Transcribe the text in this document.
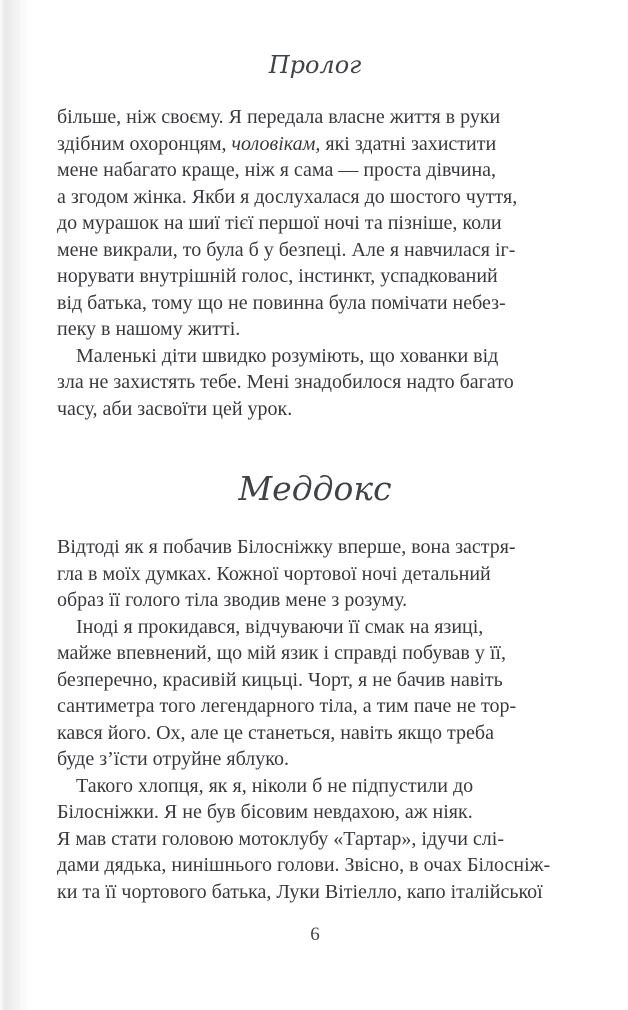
Пролог
більше, ніж своєму. Я передала власне життя в руки
здібним охоронцям, чоловікам, які здатні захистити
мене набагато краще, ніж я сама — проста дівчина,
а згодом жінка. Якби я дослухалася до шостого чуття,
до мурашок на шиї тієї першої ночі та пізніше, коли
мене викрали, то була б у безпеці. Але я навчилася іг-
норувати внутрішній голос, інстинкт, успадкований
від батька, тому що не повинна була помічати небез-
пеку в нашому житті.
Маленькі діти швидко розуміють, що хованки від
зла не захистять тебе. Мені знадобилося надто багато
часу, аби засвоїти цей урок.
Меддокс
Відтоді як я побачив Білосніжку вперше, вона застря-
гла в моїх думках. Кожної чортової ночі детальний
образ її голого тіла зводив мене з розуму.
Іноді я прокидався, відчуваючи її смак на язиці,
майже впевнений, що мій язик і справді побував у її,
безперечно, красивій кицьці. Чорт, я не бачив навіть
сантиметра того легендарного тіла, а тим паче не тор-
кався його. Ох, але це станеться, навіть якщо треба
буде з’їсти отруйне яблуко.
Такого хлопця, як я, ніколи б не підпустили до
Білосніжки. Я не був бісовим невдахою, аж ніяк.
Я мав стати головою мотоклубу «Тартар», ідучи слі-
дами дядька, нинішнього голови. Звісно, в очах Білосніж-
ки та її чортового батька, Луки Вітіелло, капо італійської
6
